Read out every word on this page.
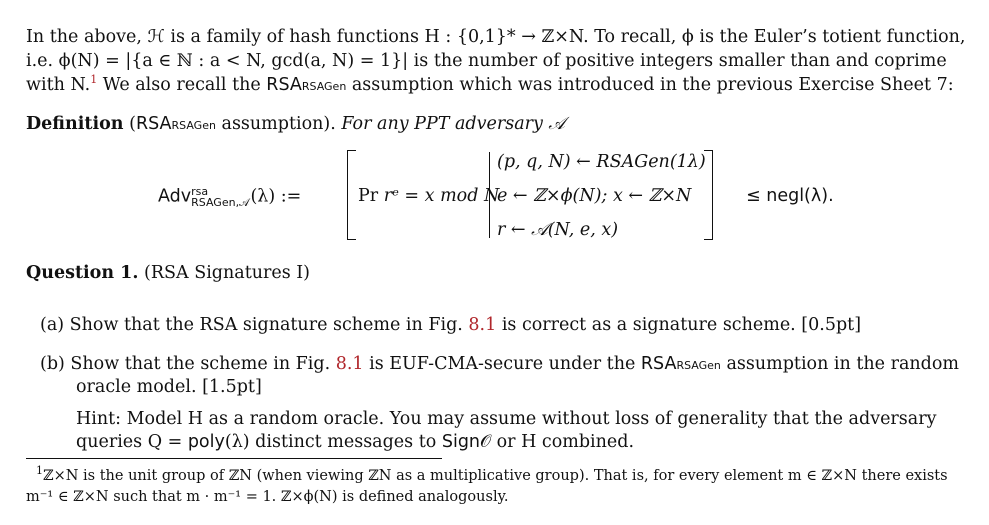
In the above, ℋ is a family of hash functions H : {0,1}* → ℤ×N. To recall, ϕ is the Euler’s totient function,
i.e. ϕ(N) = |{a ∈ ℕ : a < N, gcd(a, N) = 1}| is the number of positive integers smaller than and coprime
with N.$^1$ We also recall the RSARSAGen assumption which was introduced in the previous Exercise Sheet 7:
Definition (RSARSAGen assumption). For any PPT adversary 𝒜
Adv rsa
RSAGen,𝒜 (λ) :=	Pr rᵉ = x mod N
(p, q, N) ← RSAGen(1λ)
e ← ℤ×ϕ(N); x ← ℤ×N
r ← 𝒜(N, e, x)
≤ negl(λ).
Question 1. (RSA Signatures I)
(a) Show that the RSA signature scheme in Fig. 8.1 is correct as a signature scheme. [0.5pt]
(b) Show that the scheme in Fig. 8.1 is EUF-CMA-secure under the RSARSAGen assumption in the random
oracle model. [1.5pt]
Hint: Model H as a random oracle. You may assume without loss of generality that the adversary
queries Q = poly(λ) distinct messages to Sign𝒪 or H combined.
$^1$ℤ×N is the unit group of ℤN (when viewing ℤN as a multiplicative group). That is, for every element m ∈ ℤ×N there exists
m⁻¹ ∈ ℤ×N such that m · m⁻¹ = 1. ℤ×ϕ(N) is defined analogously.
